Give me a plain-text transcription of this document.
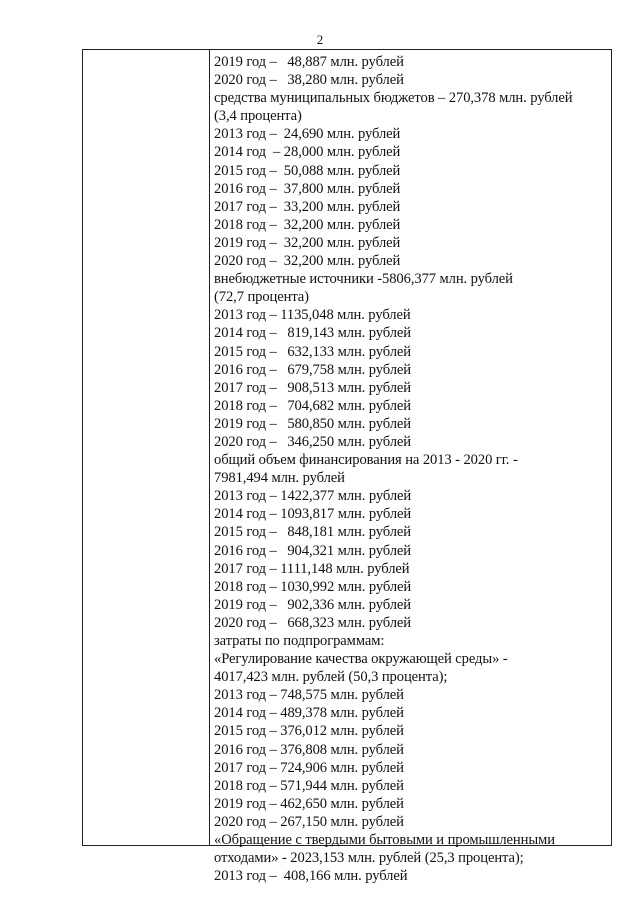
2
2019 год –   48,887 млн. рублей
2020 год –   38,280 млн. рублей
средства муниципальных бюджетов – 270,378 млн. рублей
(3,4 процента)
2013 год –  24,690 млн. рублей
2014 год  – 28,000 млн. рублей
2015 год –  50,088 млн. рублей
2016 год –  37,800 млн. рублей
2017 год –  33,200 млн. рублей
2018 год –  32,200 млн. рублей
2019 год –  32,200 млн. рублей
2020 год –  32,200 млн. рублей
внебюджетные источники -5806,377 млн. рублей
(72,7 процента)
2013 год – 1135,048 млн. рублей
2014 год –   819,143 млн. рублей
2015 год –   632,133 млн. рублей
2016 год –   679,758 млн. рублей
2017 год –   908,513 млн. рублей
2018 год –   704,682 млн. рублей
2019 год –   580,850 млн. рублей
2020 год –   346,250 млн. рублей
общий объем финансирования на 2013 - 2020 гг. -
7981,494 млн. рублей
2013 год – 1422,377 млн. рублей
2014 год – 1093,817 млн. рублей
2015 год –   848,181 млн. рублей
2016 год –   904,321 млн. рублей
2017 год – 1111,148 млн. рублей
2018 год – 1030,992 млн. рублей
2019 год –   902,336 млн. рублей
2020 год –   668,323 млн. рублей
затраты по подпрограммам:
«Регулирование качества окружающей среды» -
4017,423 млн. рублей (50,3 процента);
2013 год – 748,575 млн. рублей
2014 год – 489,378 млн. рублей
2015 год – 376,012 млн. рублей
2016 год – 376,808 млн. рублей
2017 год – 724,906 млн. рублей
2018 год – 571,944 млн. рублей
2019 год – 462,650 млн. рублей
2020 год – 267,150 млн. рублей
«Обращение с твердыми бытовыми и промышленными
отходами» - 2023,153 млн. рублей (25,3 процента);
2013 год –  408,166 млн. рублей
